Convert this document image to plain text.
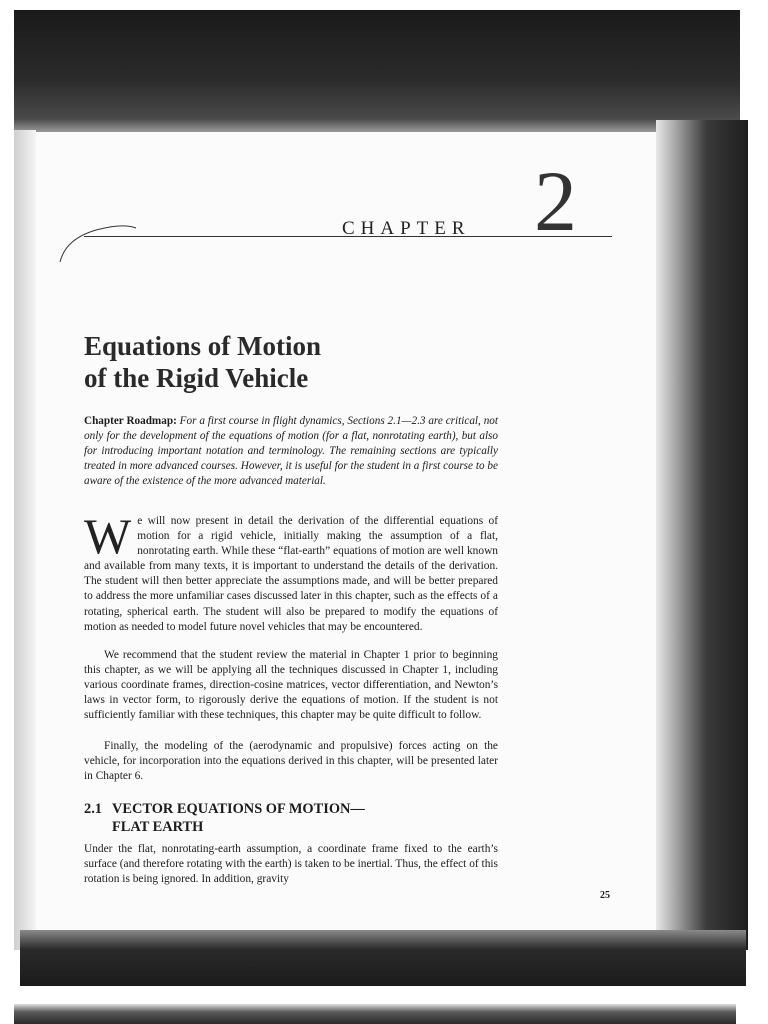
CHAPTER 2
Equations of Motion
of the Rigid Vehicle
Chapter Roadmap: For a first course in flight dynamics, Sections 2.1—2.3 are critical, not only for the development of the equations of motion (for a flat, nonrotating earth), but also for introducing important notation and terminology. The remaining sections are typically treated in more advanced courses. However, it is useful for the student in a first course to be aware of the existence of the more advanced material.
We will now present in detail the derivation of the differential equations of motion for a rigid vehicle, initially making the assumption of a flat, nonrotating earth. While these “flat-earth” equations of motion are well known and available from many texts, it is important to understand the details of the derivation. The student will then better appreciate the assumptions made, and will be better prepared to address the more unfamiliar cases discussed later in this chapter, such as the effects of a rotating, spherical earth. The student will also be prepared to modify the equations of motion as needed to model future novel vehicles that may be encountered.
We recommend that the student review the material in Chapter 1 prior to beginning this chapter, as we will be applying all the techniques discussed in Chapter 1, including various coordinate frames, direction-cosine matrices, vector differentiation, and Newton’s laws in vector form, to rigorously derive the equations of motion. If the student is not sufficiently familiar with these techniques, this chapter may be quite difficult to follow.
Finally, the modeling of the (aerodynamic and propulsive) forces acting on the vehicle, for incorporation into the equations derived in this chapter, will be presented later in Chapter 6.
2.1 VECTOR EQUATIONS OF MOTION—
FLAT EARTH
Under the flat, nonrotating-earth assumption, a coordinate frame fixed to the earth’s surface (and therefore rotating with the earth) is taken to be inertial. Thus, the effect of this rotation is being ignored. In addition, gravity
25
